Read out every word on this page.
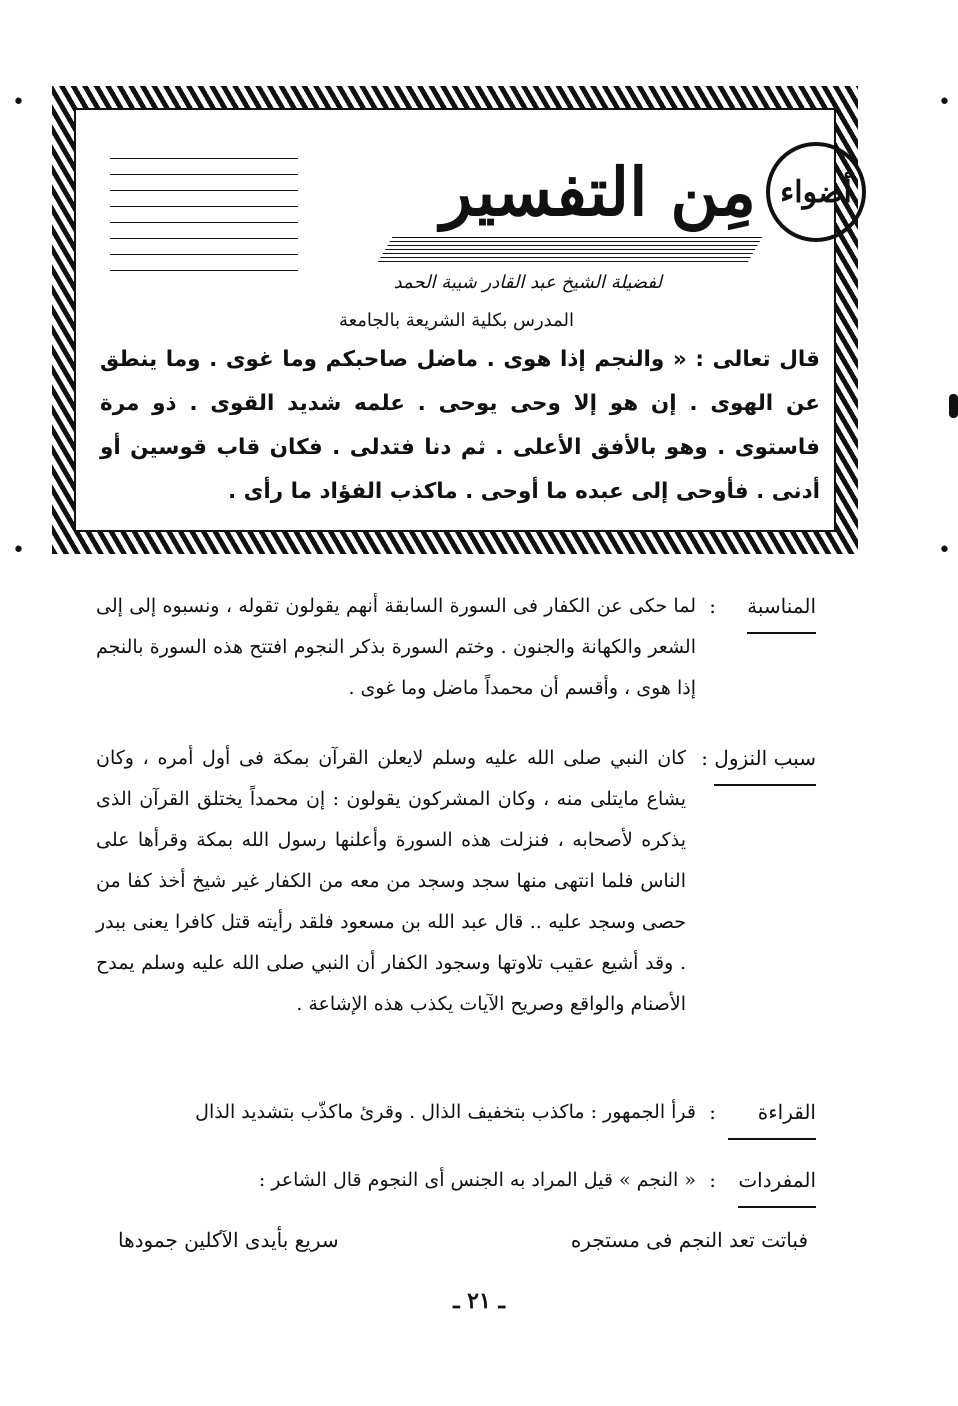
•	•
•	•
أضواء
مِن التفسير
لفضيلة الشيخ عبد القادر شيبة الحمد
المدرس بكلية الشريعة بالجامعة
قال تعالى : « والنجم إذا هوى . ماضل صاحبكم وما غوى . وما ينطق عن الهوى . إن هو إلا وحى يوحى . علمه شديد القوى . ذو مرة فاستوى . وهو بالأفق الأعلى . ثم دنا فتدلى . فكان قاب قوسين أو أدنى . فأوحى إلى عبده ما أوحى . ماكذب الفؤاد ما رأى .
المناسبة
:
لما حكى عن الكفار فى السورة السابقة أنهم يقولون تقوله ، ونسبوه إلى إلى الشعر والكهانة والجنون . وختم السورة بذكر النجوم افتتح هذه السورة بالنجم إذا هوى ، وأقسم أن محمداً ماضل وما غوى .
سبب النزول
:
كان النبي صلى الله عليه وسلم لايعلن القرآن بمكة فى أول أمره ، وكان يشاع مايتلى منه ، وكان المشركون يقولون : إن محمداً يختلق القرآن الذى يذكره لأصحابه ، فنزلت هذه السورة وأعلنها رسول الله بمكة وقرأها على الناس فلما انتهى منها سجد وسجد من معه من الكفار غير شيخ أخذ كفا من حصى وسجد عليه .. قال عبد الله بن مسعود فلقد رأيته قتل كافرا يعنى ببدر . وقد أشيع عقيب تلاوتها وسجود الكفار أن النبي صلى الله عليه وسلم يمدح الأصنام والواقع وصريح الآيات يكذب هذه الإشاعة .
القراءة
:
قرأ الجمهور : ماكذب بتخفيف الذال . وقرئ ماكذّب بتشديد الذال
المفردات
:
« النجم » قيل المراد به الجنس أى النجوم قال الشاعر :
فباتت تعد النجم فى مستجره
سريع بأيدى الآكلين جمودها
ـ ٢١ ـ
